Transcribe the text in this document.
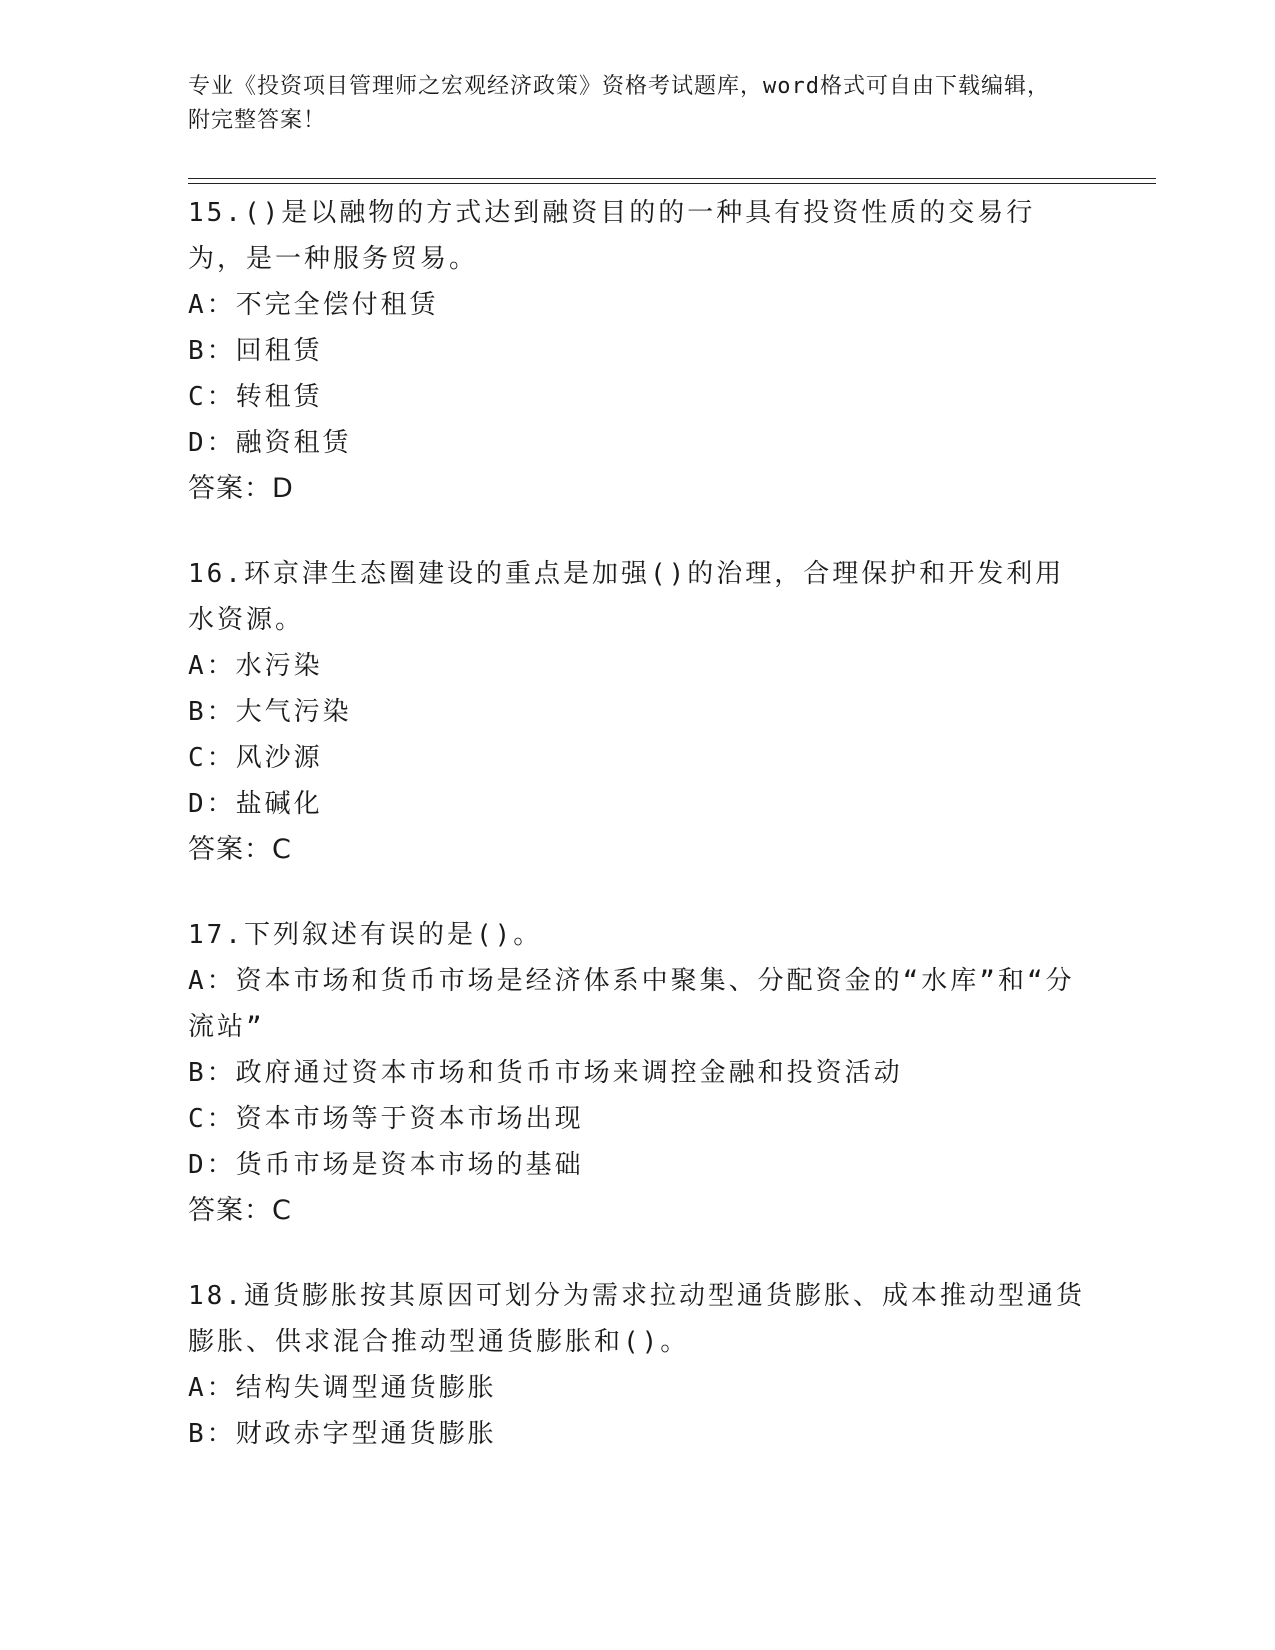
专业《投资项目管理师之宏观经济政策》资格考试题库，word格式可自由下载编辑，附完整答案！
15.()是以融物的方式达到融资目的的一种具有投资性质的交易行为，是一种服务贸易。
A：不完全偿付租赁
B：回租赁
C：转租赁
D：融资租赁
答案：D
16.环京津生态圈建设的重点是加强()的治理，合理保护和开发利用水资源。
A：水污染
B：大气污染
C：风沙源
D：盐碱化
答案：C
17.下列叙述有误的是()。
A：资本市场和货币市场是经济体系中聚集、分配资金的“水库”和“分流站”
B：政府通过资本市场和货币市场来调控金融和投资活动
C：资本市场等于资本市场出现
D：货币市场是资本市场的基础
答案：C
18.通货膨胀按其原因可划分为需求拉动型通货膨胀、成本推动型通货膨胀、供求混合推动型通货膨胀和()。
A：结构失调型通货膨胀
B：财政赤字型通货膨胀
